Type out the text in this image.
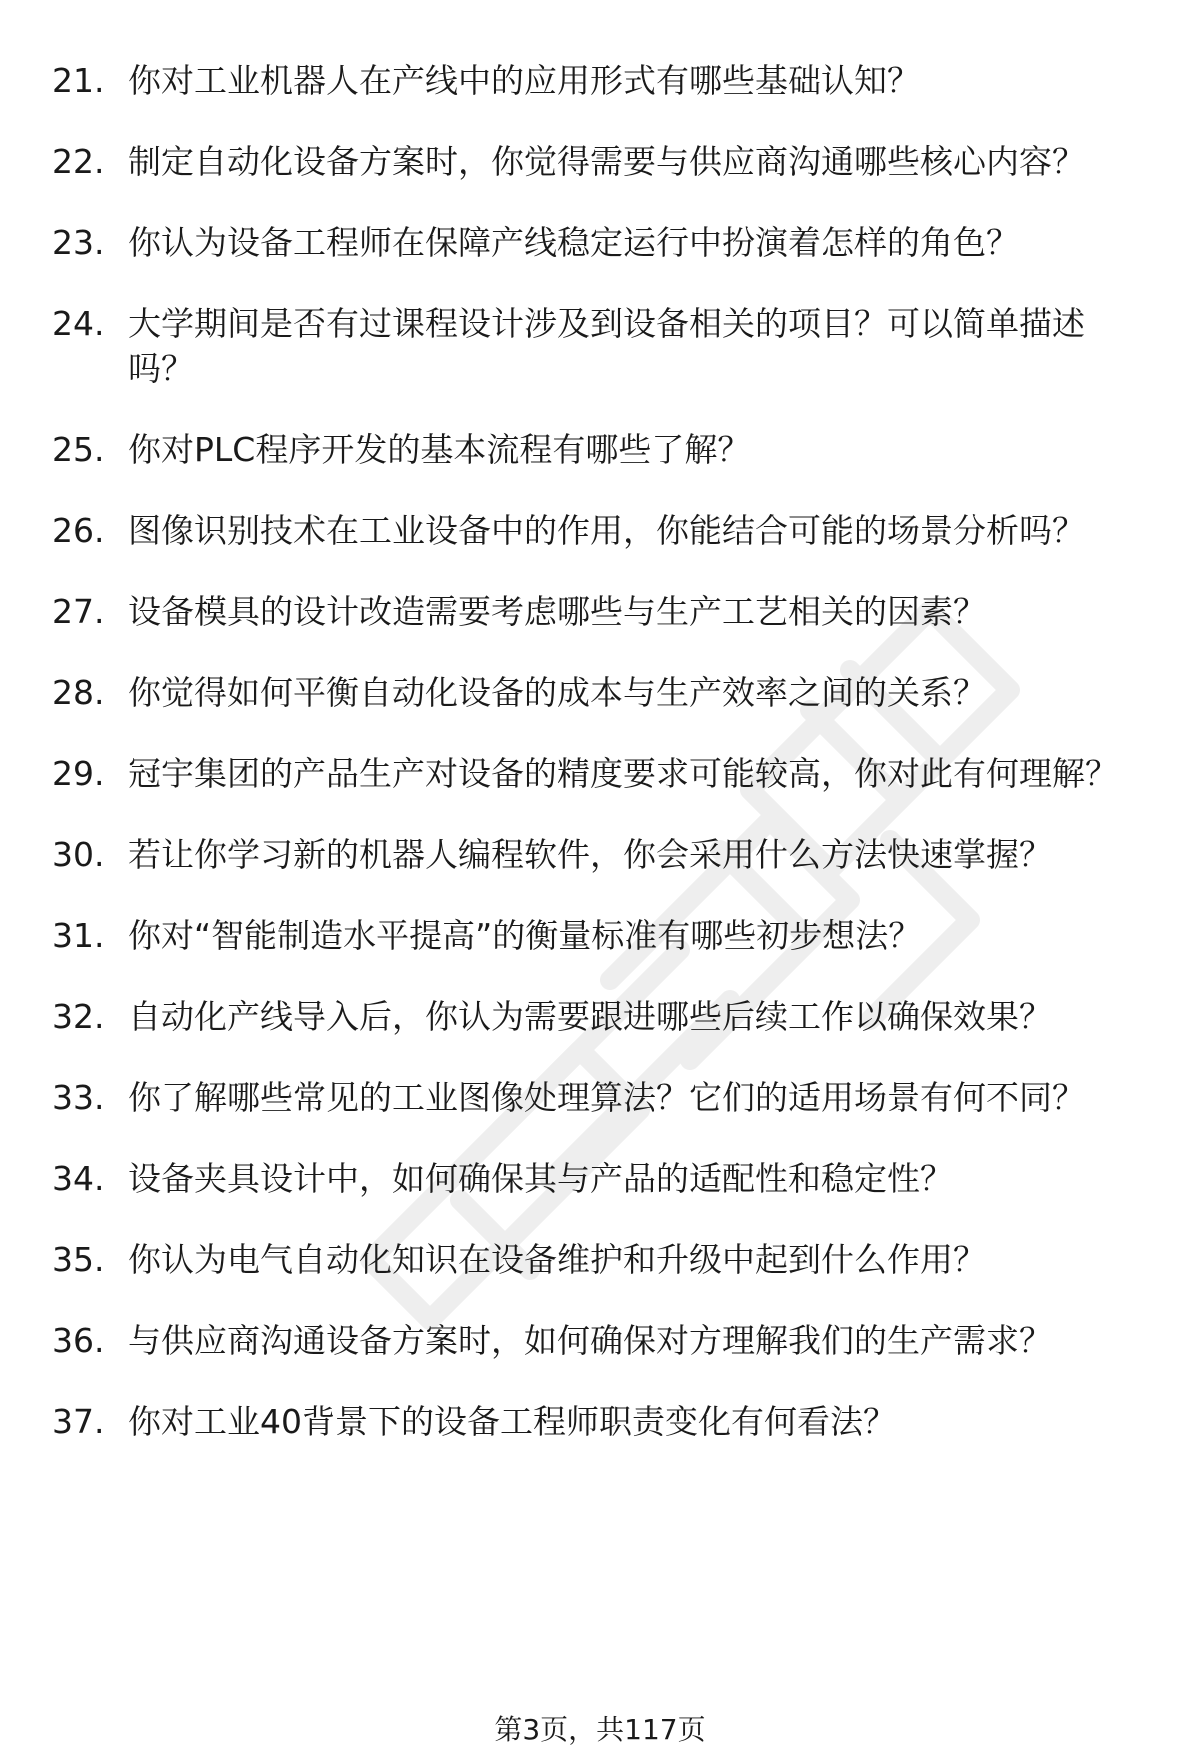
21. 你对工业机器人在产线中的应用形式有哪些基础认知？
22. 制定自动化设备方案时，你觉得需要与供应商沟通哪些核心内容？
23. 你认为设备工程师在保障产线稳定运行中扮演着怎样的角色？
24. 大学期间是否有过课程设计涉及到设备相关的项目？可以简单描述吗？
25. 你对PLC程序开发的基本流程有哪些了解？
26. 图像识别技术在工业设备中的作用，你能结合可能的场景分析吗？
27. 设备模具的设计改造需要考虑哪些与生产工艺相关的因素？
28. 你觉得如何平衡自动化设备的成本与生产效率之间的关系？
29. 冠宇集团的产品生产对设备的精度要求可能较高，你对此有何理解？
30. 若让你学习新的机器人编程软件，你会采用什么方法快速掌握？
31. 你对“智能制造水平提高”的衡量标准有哪些初步想法？
32. 自动化产线导入后，你认为需要跟进哪些后续工作以确保效果？
33. 你了解哪些常见的工业图像处理算法？它们的适用场景有何不同？
34. 设备夹具设计中，如何确保其与产品的适配性和稳定性？
35. 你认为电气自动化知识在设备维护和升级中起到什么作用？
36. 与供应商沟通设备方案时，如何确保对方理解我们的生产需求？
37. 你对工业40背景下的设备工程师职责变化有何看法？
第3页，共117页
